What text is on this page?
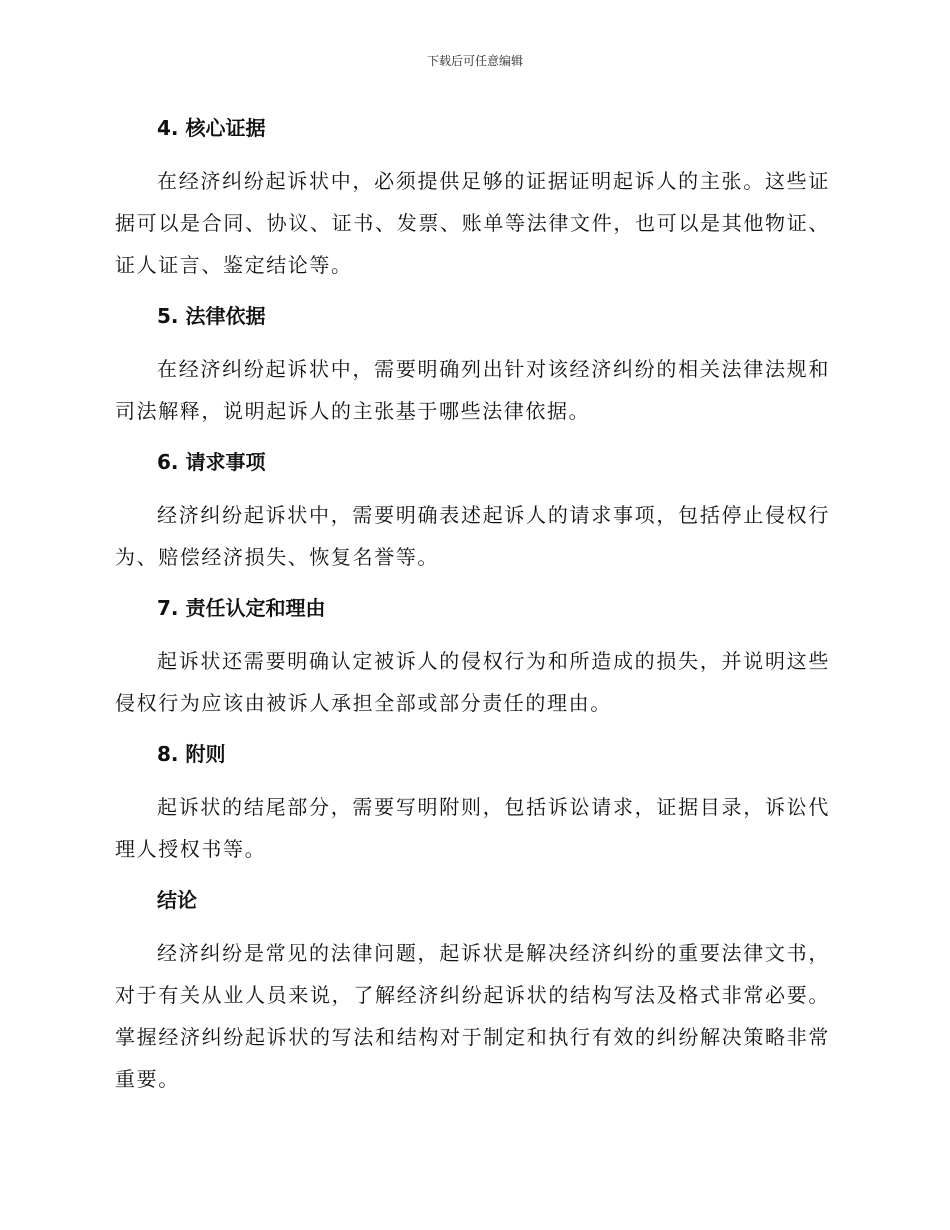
下载后可任意编辑
4. 核心证据

在经济纠纷起诉状中，必须提供足够的证据证明起诉人的主张。这些证据可以是合同、协议、证书、发票、账单等法律文件，也可以是其他物证、证人证言、鉴定结论等。

5. 法律依据

在经济纠纷起诉状中，需要明确列出针对该经济纠纷的相关法律法规和司法解释，说明起诉人的主张基于哪些法律依据。

6. 请求事项

经济纠纷起诉状中，需要明确表述起诉人的请求事项，包括停止侵权行为、赔偿经济损失、恢复名誉等。

7. 责任认定和理由

起诉状还需要明确认定被诉人的侵权行为和所造成的损失，并说明这些侵权行为应该由被诉人承担全部或部分责任的理由。

8. 附则

起诉状的结尾部分，需要写明附则，包括诉讼请求，证据目录，诉讼代理人授权书等。

结论

经济纠纷是常见的法律问题，起诉状是解决经济纠纷的重要法律文书，对于有关从业人员来说，了解经济纠纷起诉状的结构写法及格式非常必要。掌握经济纠纷起诉状的写法和结构对于制定和执行有效的纠纷解决策略非常重要。
